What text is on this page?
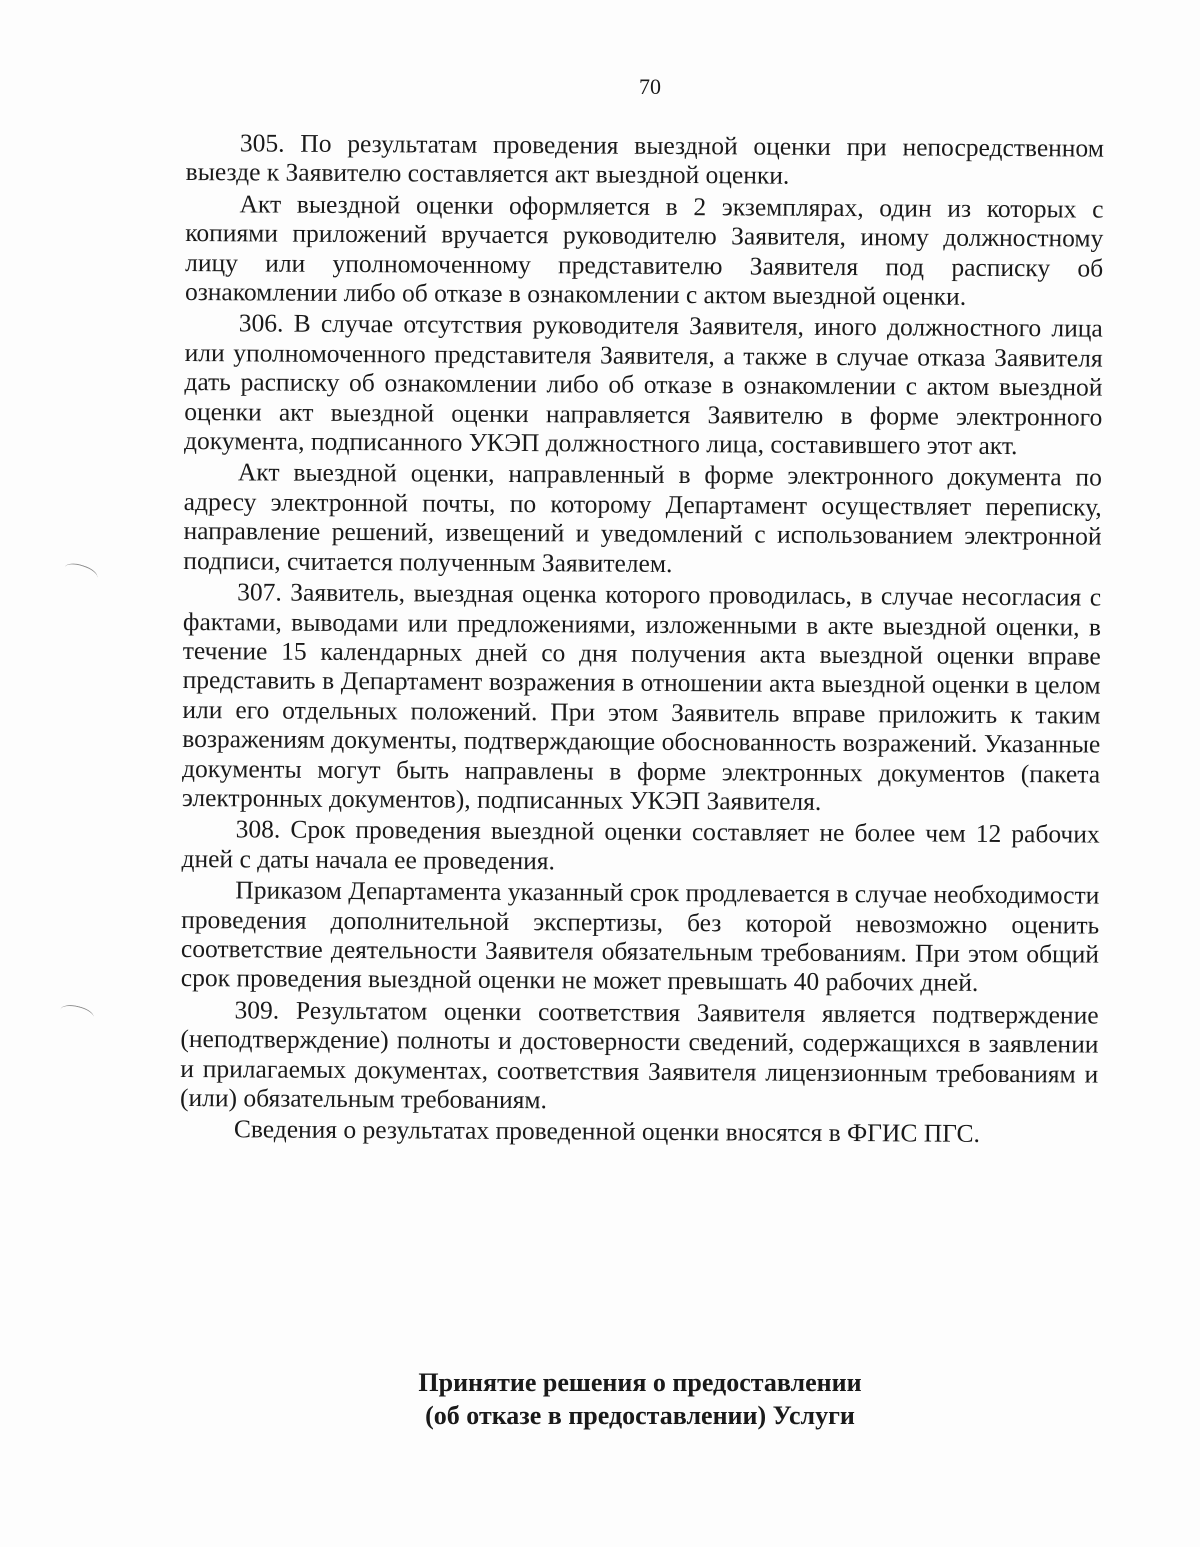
70

305. По результатам проведения выездной оценки при непосредственном выезде к Заявителю составляется акт выездной оценки.

Акт выездной оценки оформляется в 2 экземплярах, один из которых с копиями приложений вручается руководителю Заявителя, иному должностному лицу или уполномоченному представителю Заявителя под расписку об ознакомлении либо об отказе в ознакомлении с актом выездной оценки.

306. В случае отсутствия руководителя Заявителя, иного должностного лица или уполномоченного представителя Заявителя, а также в случае отказа Заявителя дать расписку об ознакомлении либо об отказе в ознакомлении с актом выездной оценки акт выездной оценки направляется Заявителю в форме электронного документа, подписанного УКЭП должностного лица, составившего этот акт.

Акт выездной оценки, направленный в форме электронного документа по адресу электронной почты, по которому Департамент осуществляет переписку, направление решений, извещений и уведомлений с использованием электронной подписи, считается полученным Заявителем.

307. Заявитель, выездная оценка которого проводилась, в случае несогласия с фактами, выводами или предложениями, изложенными в акте выездной оценки, в течение 15 календарных дней со дня получения акта выездной оценки вправе представить в Департамент возражения в отношении акта выездной оценки в целом или его отдельных положений. При этом Заявитель вправе приложить к таким возражениям документы, подтверждающие обоснованность возражений. Указанные документы могут быть направлены в форме электронных документов (пакета электронных документов), подписанных УКЭП Заявителя.

308. Срок проведения выездной оценки составляет не более чем 12 рабочих дней с даты начала ее проведения.

Приказом Департамента указанный срок продлевается в случае необходимости проведения дополнительной экспертизы, без которой невозможно оценить соответствие деятельности Заявителя обязательным требованиям. При этом общий срок проведения выездной оценки не может превышать 40 рабочих дней.

309. Результатом оценки соответствия Заявителя является подтверждение (неподтверждение) полноты и достоверности сведений, содержащихся в заявлении и прилагаемых документах, соответствия Заявителя лицензионным требованиям и (или) обязательным требованиям.

Сведения о результатах проведенной оценки вносятся в ФГИС ПГС.

Принятие решения о предоставлении
(об отказе в предоставлении) Услуги
